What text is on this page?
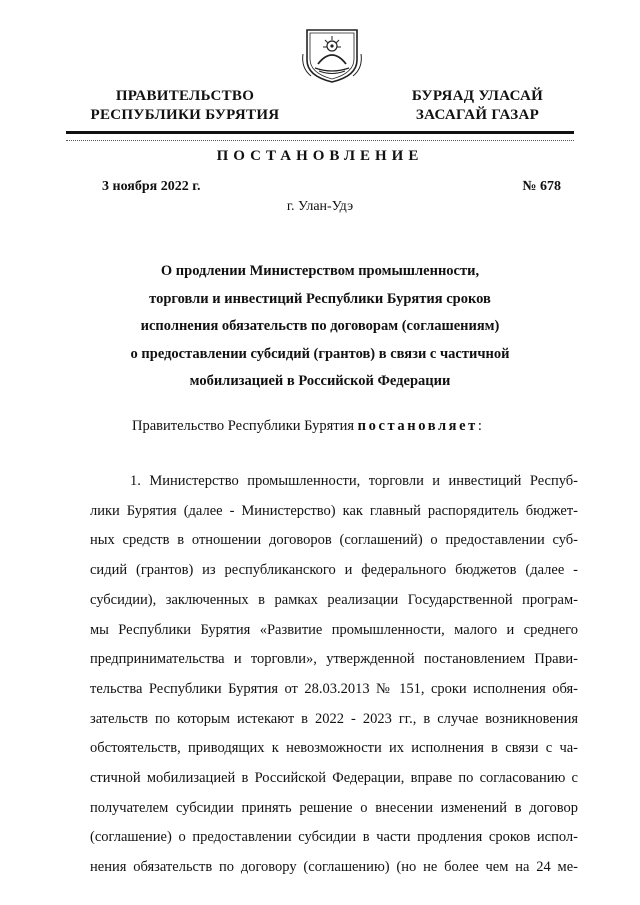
ПРАВИТЕЛЬСТВО
РЕСПУБЛИКИ БУРЯТИЯ
БУРЯАД УЛАСАЙ
ЗАСАГАЙ ГАЗАР
ПОСТАНОВЛЕНИЕ
3 ноября 2022 г.	№ 678
г. Улан-Удэ
О продлении Министерством промышленности,
торговли и инвестиций Республики Бурятия сроков
исполнения обязательств по договорам (соглашениям)
о предоставлении субсидий (грантов) в связи с частичной
мобилизацией в Российской Федерации
Правительство Республики Бурятия постановляет:
1. Министерство промышленности, торговли и инвестиций Респуб-
лики Бурятия (далее - Министерство) как главный распорядитель бюджет-
ных средств в отношении договоров (соглашений) о предоставлении суб-
сидий (грантов) из республиканского и федерального бюджетов (далее -
субсидии), заключенных в рамках реализации Государственной програм-
мы Республики Бурятия «Развитие промышленности, малого и среднего
предпринимательства и торговли», утвержденной постановлением Прави-
тельства Республики Бурятия от 28.03.2013 № 151, сроки исполнения обя-
зательств по которым истекают в 2022 - 2023 гг., в случае возникновения
обстоятельств, приводящих к невозможности их исполнения в связи с ча-
стичной мобилизацией в Российской Федерации, вправе по согласованию с
получателем субсидии принять решение о внесении изменений в договор
(соглашение) о предоставлении субсидии в части продления сроков испол-
нения обязательств по договору (соглашению) (но не более чем на 24 ме-
